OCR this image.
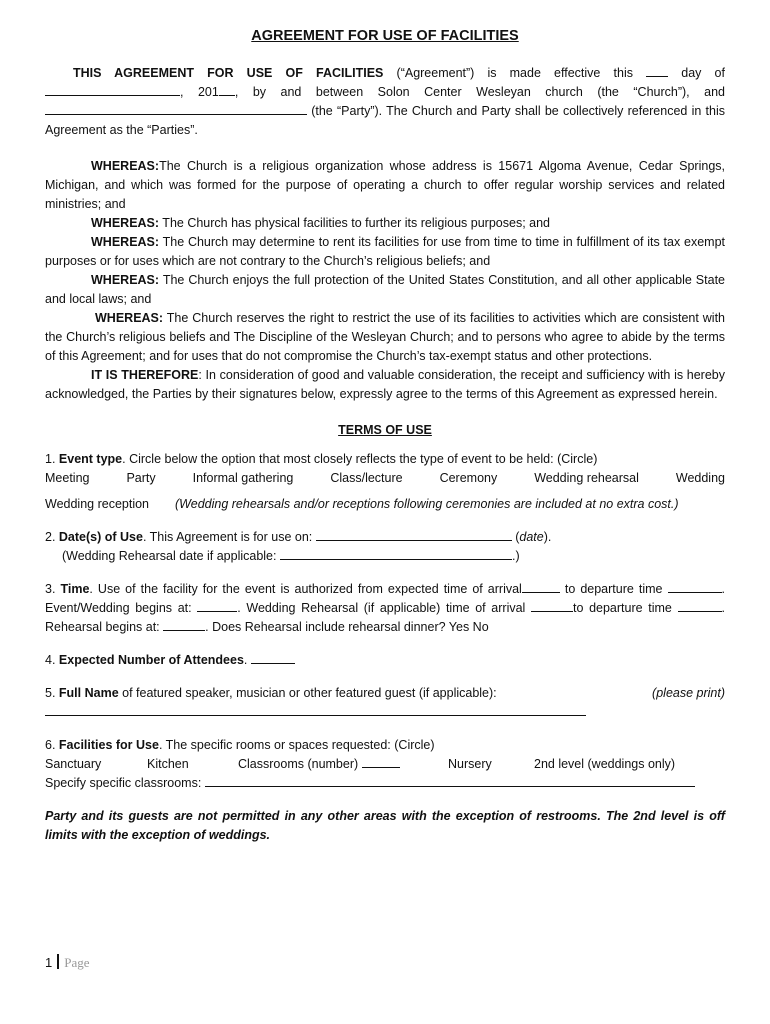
AGREEMENT FOR USE OF FACILITIES

THIS AGREEMENT FOR USE OF FACILITIES (“Agreement”) is made effective this  day of , 201 , by and between Solon Center Wesleyan church (the “Church”), and  (the “Party”). The Church and Party shall be collectively referenced in this Agreement as the “Parties”.

WHEREAS:The Church is a religious organization whose address is 15671 Algoma Avenue, Cedar Springs, Michigan, and which was formed for the purpose of operating a church to offer regular worship services and related ministries; and

WHEREAS: The Church has physical facilities to further its religious purposes; and

WHEREAS: The Church may determine to rent its facilities for use from time to time in fulfillment of its tax exempt purposes or for uses which are not contrary to the Church’s religious beliefs; and

WHEREAS: The Church enjoys the full protection of the United States Constitution, and all other applicable State and local laws; and

WHEREAS: The Church reserves the right to restrict the use of its facilities to activities which are consistent with the Church’s religious beliefs and The Discipline of the Wesleyan Church; and to persons who agree to abide by the terms of this Agreement; and for uses that do not compromise the Church’s tax-exempt status and other protections.

IT IS THEREFORE: In consideration of good and valuable consideration, the receipt and sufficiency with is hereby acknowledged, the Parties by their signatures below, expressly agree to the terms of this Agreement as expressed herein.

TERMS OF USE

1. Event type. Circle below the option that most closely reflects the type of event to be held: (Circle)

Meeting	Party	Informal gathering	Class/lecture	Ceremony	Wedding rehearsal	Wedding

Wedding reception (Wedding rehearsals and/or receptions following ceremonies are included at no extra cost.)

2. Date(s) of Use. This Agreement is for use on:	(date).

(Wedding Rehearsal date if applicable:	.)

3. Time. Use of the facility for the event is authorized from expected time of arrival	to departure time	. Event/Wedding begins at:	. Wedding Rehearsal (if applicable) time of arrival	to departure time	. Rehearsal begins at:	. Does Rehearsal include rehearsal dinner? Yes No

4. Expected Number of Attendees.

5. Full Name of featured speaker, musician or other featured guest (if applicable):	(please print)

6. Facilities for Use. The specific rooms or spaces requested: (Circle)

Sanctuary	Kitchen	Classrooms (number)	Nursery	2nd level (weddings only)

Specify specific classrooms:

Party and its guests are not permitted in any other areas with the exception of restrooms. The 2nd level is off limits with the exception of weddings.
1 Page
